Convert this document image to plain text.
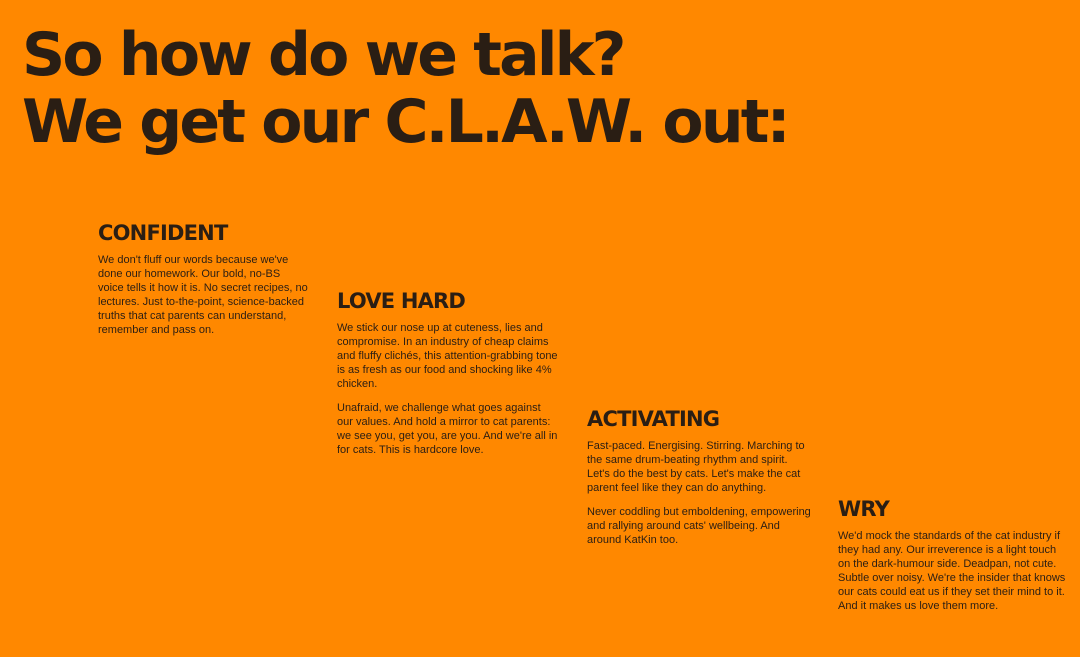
So how do we talk?
We get our C.L.A.W. out:
CONFIDENT

We don't fluff our words because we've done our homework. Our bold, no-BS voice tells it how it is. No secret recipes, no lectures. Just to-the-point, science-backed truths that cat parents can understand, remember and pass on.

LOVE HARD

We stick our nose up at cuteness, lies and compromise. In an industry of cheap claims and fluffy clichés, this attention-grabbing tone is as fresh as our food and shocking like 4% chicken.

Unafraid, we challenge what goes against our values. And hold a mirror to cat parents: we see you, get you, are you. And we're all in for cats. This is hardcore love.

ACTIVATING

Fast-paced. Energising. Stirring. Marching to the same drum-beating rhythm and spirit. Let's do the best by cats. Let's make the cat parent feel like they can do anything.

Never coddling but emboldening, empowering and rallying around cats' wellbeing. And around KatKin too.

WRY

We'd mock the standards of the cat industry if they had any. Our irreverence is a light touch on the dark-humour side. Deadpan, not cute. Subtle over noisy. We're the insider that knows our cats could eat us if they set their mind to it. And it makes us love them more.
